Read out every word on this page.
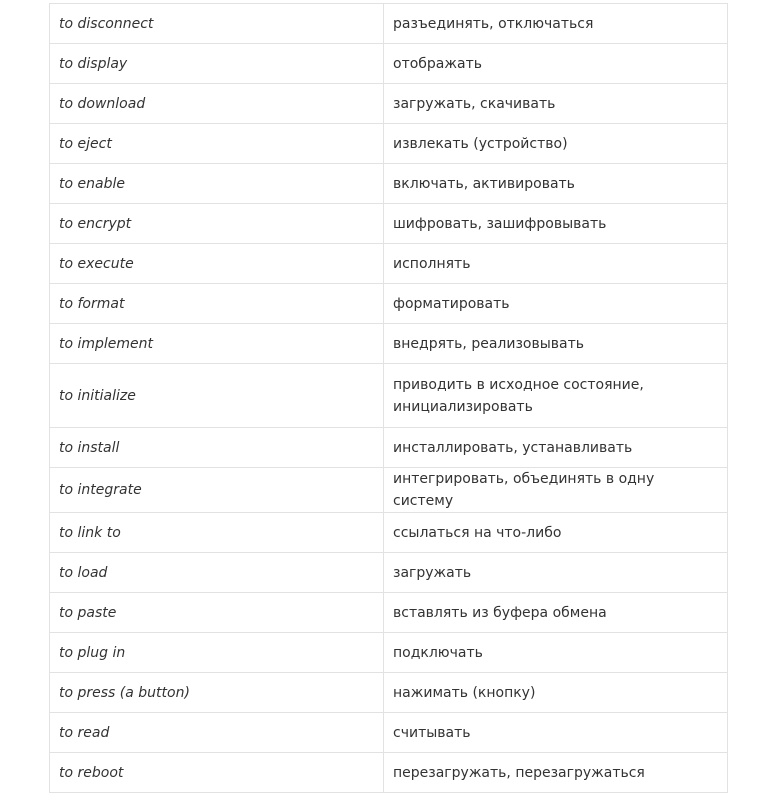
to disconnect	разъединять, отключаться
to display	отображать
to download	загружать, скачивать
to eject	извлекать (устройство)
to enable	включать, активировать
to encrypt	шифровать, зашифровывать
to execute	исполнять
to format	форматировать
to implement	внедрять, реализовывать
to initialize	приводить в исходное состояние, инициализировать
to install	инсталлировать, устанавливать
to integrate	интегрировать, объединять в одну систему
to link to	ссылаться на что-либо
to load	загружать
to paste	вставлять из буфера обмена
to plug in	подключать
to press (a button)	нажимать (кнопку)
to read	считывать
to reboot	перезагружать, перезагружаться
